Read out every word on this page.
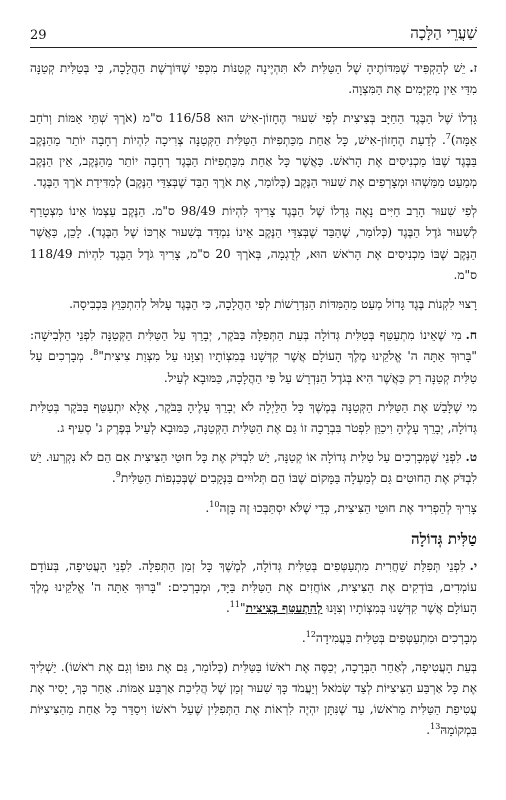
שַׁעֲרֵי הַלָּכָה
29

ז.יֵשׁ לְהַקְפִּיד שֶׁמִּדּוֹתֶיהָ שֶׁל הַטַּלִּית לֹא תִּהְיֶינָה קְטַנּוֹת מִכְּפִי שֶׁדּוֹרֶשֶׁת הַהֲלָכָה, כִּי בְּטַלִּית קְטַנָּה מִדַּי אֵין מְקַיְּמִים אֶת הַמִּצְוָה.

גָּדְלוֹ שֶׁל הַבֶּגֶד הַחַיָּב בְּצִיצִית לְפִי שִׁעוּר הֶחָזוֹן-אִישׁ הוּא 116/58 ס"מ (אֹרֶךְ שְׁתֵּי אַמּוֹת וְרֹחַב אַמָּה)$^7$. לְדַעַת הֶחָזוֹן-אִישׁ, כָּל אַחַת מִכַּתְפִיּוֹת הַטַּלִּית הַקְּטַנָּה צְרִיכָה לִהְיוֹת רְחָבָה יוֹתֵר מֵהַנֶּקֶב בַּבֶּגֶד שֶׁבּוֹ מַכְנִיסִים אֶת הָרֹאשׁ. כַּאֲשֶׁר כָּל אַחַת מִכַּתְפִיּוֹת הַבֶּגֶד רְחָבָה יוֹתֵר מֵהַנֶּקֶב, אֵין הַנֶּקֶב מְמַעֵט מִמַּשְׁהוּ וּמְצָרְפִים אֶת שִׁעוּר הַנֶּקֶב (כְּלוֹמַר, אֶת אֹרֶךְ הַבַּד שֶׁבְּצִדֵּי הַנֶּקֶב) לְמִדִּידַת אֹרֶךְ הַבֶּגֶד.

לְפִי שִׁעוּר הָרַב חַיִּים נָאֶה גָּדְלוֹ שֶׁל הַבֶּגֶד צָרִיךְ לִהְיוֹת 98/49 ס"מ. הַנֶּקֶב עַצְמוֹ אֵינוֹ מִצְטָרֵף לְשִׁעוּר גֹּדֶל הַבֶּגֶד (כְּלוֹמַר, שֶׁהַבַּד שֶׁבְּצִדֵּי הַנֶּקֶב אֵינוֹ נִמְדָּד בְּשִׁעוּר אָרְכּוֹ שֶׁל הַבֶּגֶד). לָכֵן, כַּאֲשֶׁר הַנֶּקֶב שֶׁבּוֹ מַכְנִיסִים אֶת הָרֹאשׁ הוּא, לְדֻגְמָה, בְּאֹרֶךְ 20 ס"מ, צָרִיךְ גֹּדֶל הַבֶּגֶד לִהְיוֹת 118/49 ס"מ.

רָצוּי לִקְנוֹת בֶּגֶד גָּדוֹל מְעַט מֵהַמִּדּוֹת הַנִּדְרָשׁוֹת לְפִי הַהֲלָכָה, כִּי הַבֶּגֶד עָלוּל לְהִתְכַּוֵּץ בִּכְבִיסָה.

ח.מִי שֶׁאֵינוֹ מִתְעַטֵּף בְּטַלִּית גְּדוֹלָה בְּעֵת הַתְּפִלָּה בַּבֹּקֶר, יְבָרֵךְ עַל הַטַּלִּית הַקְּטַנָּה לִפְנֵי הַלְּבִישָׁה: "בָּרוּךְ אַתָּה ה' אֱלֹקֵינוּ מֶלֶךְ הָעוֹלָם אֲשֶׁר קִדְּשָׁנוּ בְּמִצְוֹתָיו וְצִוָּנוּ עַל מִצְוַת צִיצִית"$^8$. מְבָרְכִים עַל טַלִּית קְטַנָּה רַק כַּאֲשֶׁר הִיא בְּגֹדֶל הַנִּדְרָשׁ עַל פִּי הַהֲלָכָה, כַּמּוּבָא לְעֵיל.

מִי שֶׁלָּבַשׁ אֶת הַטַּלִּית הַקְּטַנָּה בְּמֶשֶׁךְ כָּל הַלַּיְלָה לֹא יְבָרֵךְ עָלֶיהָ בַּבֹּקֶר, אֶלָּא יִתְעַטֵּף בַּבֹּקֶר בְּטַלִּית גְּדוֹלָה, יְבָרֵךְ עָלֶיהָ וִיכַוֵּן לִפְטֹר בִּבְרָכָה זוֹ גַּם אֶת הַטַּלִּית הַקְּטַנָּה, כַּמּוּבָא לְעֵיל בְּפֶרֶק ג' סְעִיף ג.

ט.לִפְנֵי שֶׁמְּבָרְכִים עַל טַלִּית גְּדוֹלָה אוֹ קְטַנָּה, יֵשׁ לִבְדֹּק אֶת כָּל חוּטֵי הַצִּיצִית אִם הֵם לֹא נִקְרְעוּ. יֵשׁ לִבְדֹּק אֶת הַחוּטִים גַּם לְמַעְלָה בַּמָּקוֹם שֶׁבּוֹ הֵם תְּלוּיִים בַּנְּקָבִים שֶׁבְּכַנְפוֹת הַטַּלִּית$^9$.

צָרִיךְ לְהַפְרִיד אֶת חוּטֵי הַצִּיצִית, כְּדֵי שֶׁלֹּא יִסְתַּבְּכוּ זֶה בָּזֶה$^{10}$.

טַלִּית גְּדוֹלָה

י.לִפְנֵי תְּפִלַּת שַׁחֲרִית מִתְעַטְּפִים בְּטַלִּית גְּדוֹלָה, לְמֶשֶׁךְ כָּל זְמַן הַתְּפִלָּה. לִפְנֵי הָעֲטִיפָה, בְּעוֹדָם עוֹמְדִים, בּוֹדְקִים אֶת הַצִּיצִית, אוֹחֲזִים אֶת הַטַּלִּית בַּיָּד, וּמְבָרְכִים: "בָּרוּךְ אַתָּה ה' אֱלֹקֵינוּ מֶלֶךְ הָעוֹלָם אֲשֶׁר קִדְּשָׁנוּ בְּמִצְוֹתָיו וְצִוָּנוּ לְהִתְעַטֵּף בְּצִיצִית"$^{11}$.

מְבָרְכִים וּמִתְעַטְּפִים בְּטַלִּית בַּעֲמִידָה$^{12}$.

בְּעֵת הָעֲטִיפָה, לְאַחַר הַבְּרָכָה, יְכַסֶּה אֶת רֹאשׁוֹ בַּטַּלִּית (כְּלוֹמַר, גַּם אֶת גּוּפוֹ וְגַם אֶת רֹאשׁוֹ). יַשְׁלִיךְ אֶת כָּל אַרְבַּע הַצִּיצִיּוֹת לְצַד שְׂמֹאל וְיַעֲמֹד כָּךְ שִׁעוּר זְמַן שֶׁל הֲלִיכַת אַרְבַּע אַמּוֹת. אַחַר כָּךְ, יָסִיר אֶת עֲטִיפַת הַטַּלִּית מֵרֹאשׁוֹ, עַד שֶׁנִּתָּן יִהְיֶה לִרְאוֹת אֶת הַתְּפִלִּין שֶׁעַל רֹאשׁוֹ וִיסַדֵּר כָּל אַחַת מֵהַצִּיצִיּוֹת בִּמְקוֹמָהּ$^{13}$.
